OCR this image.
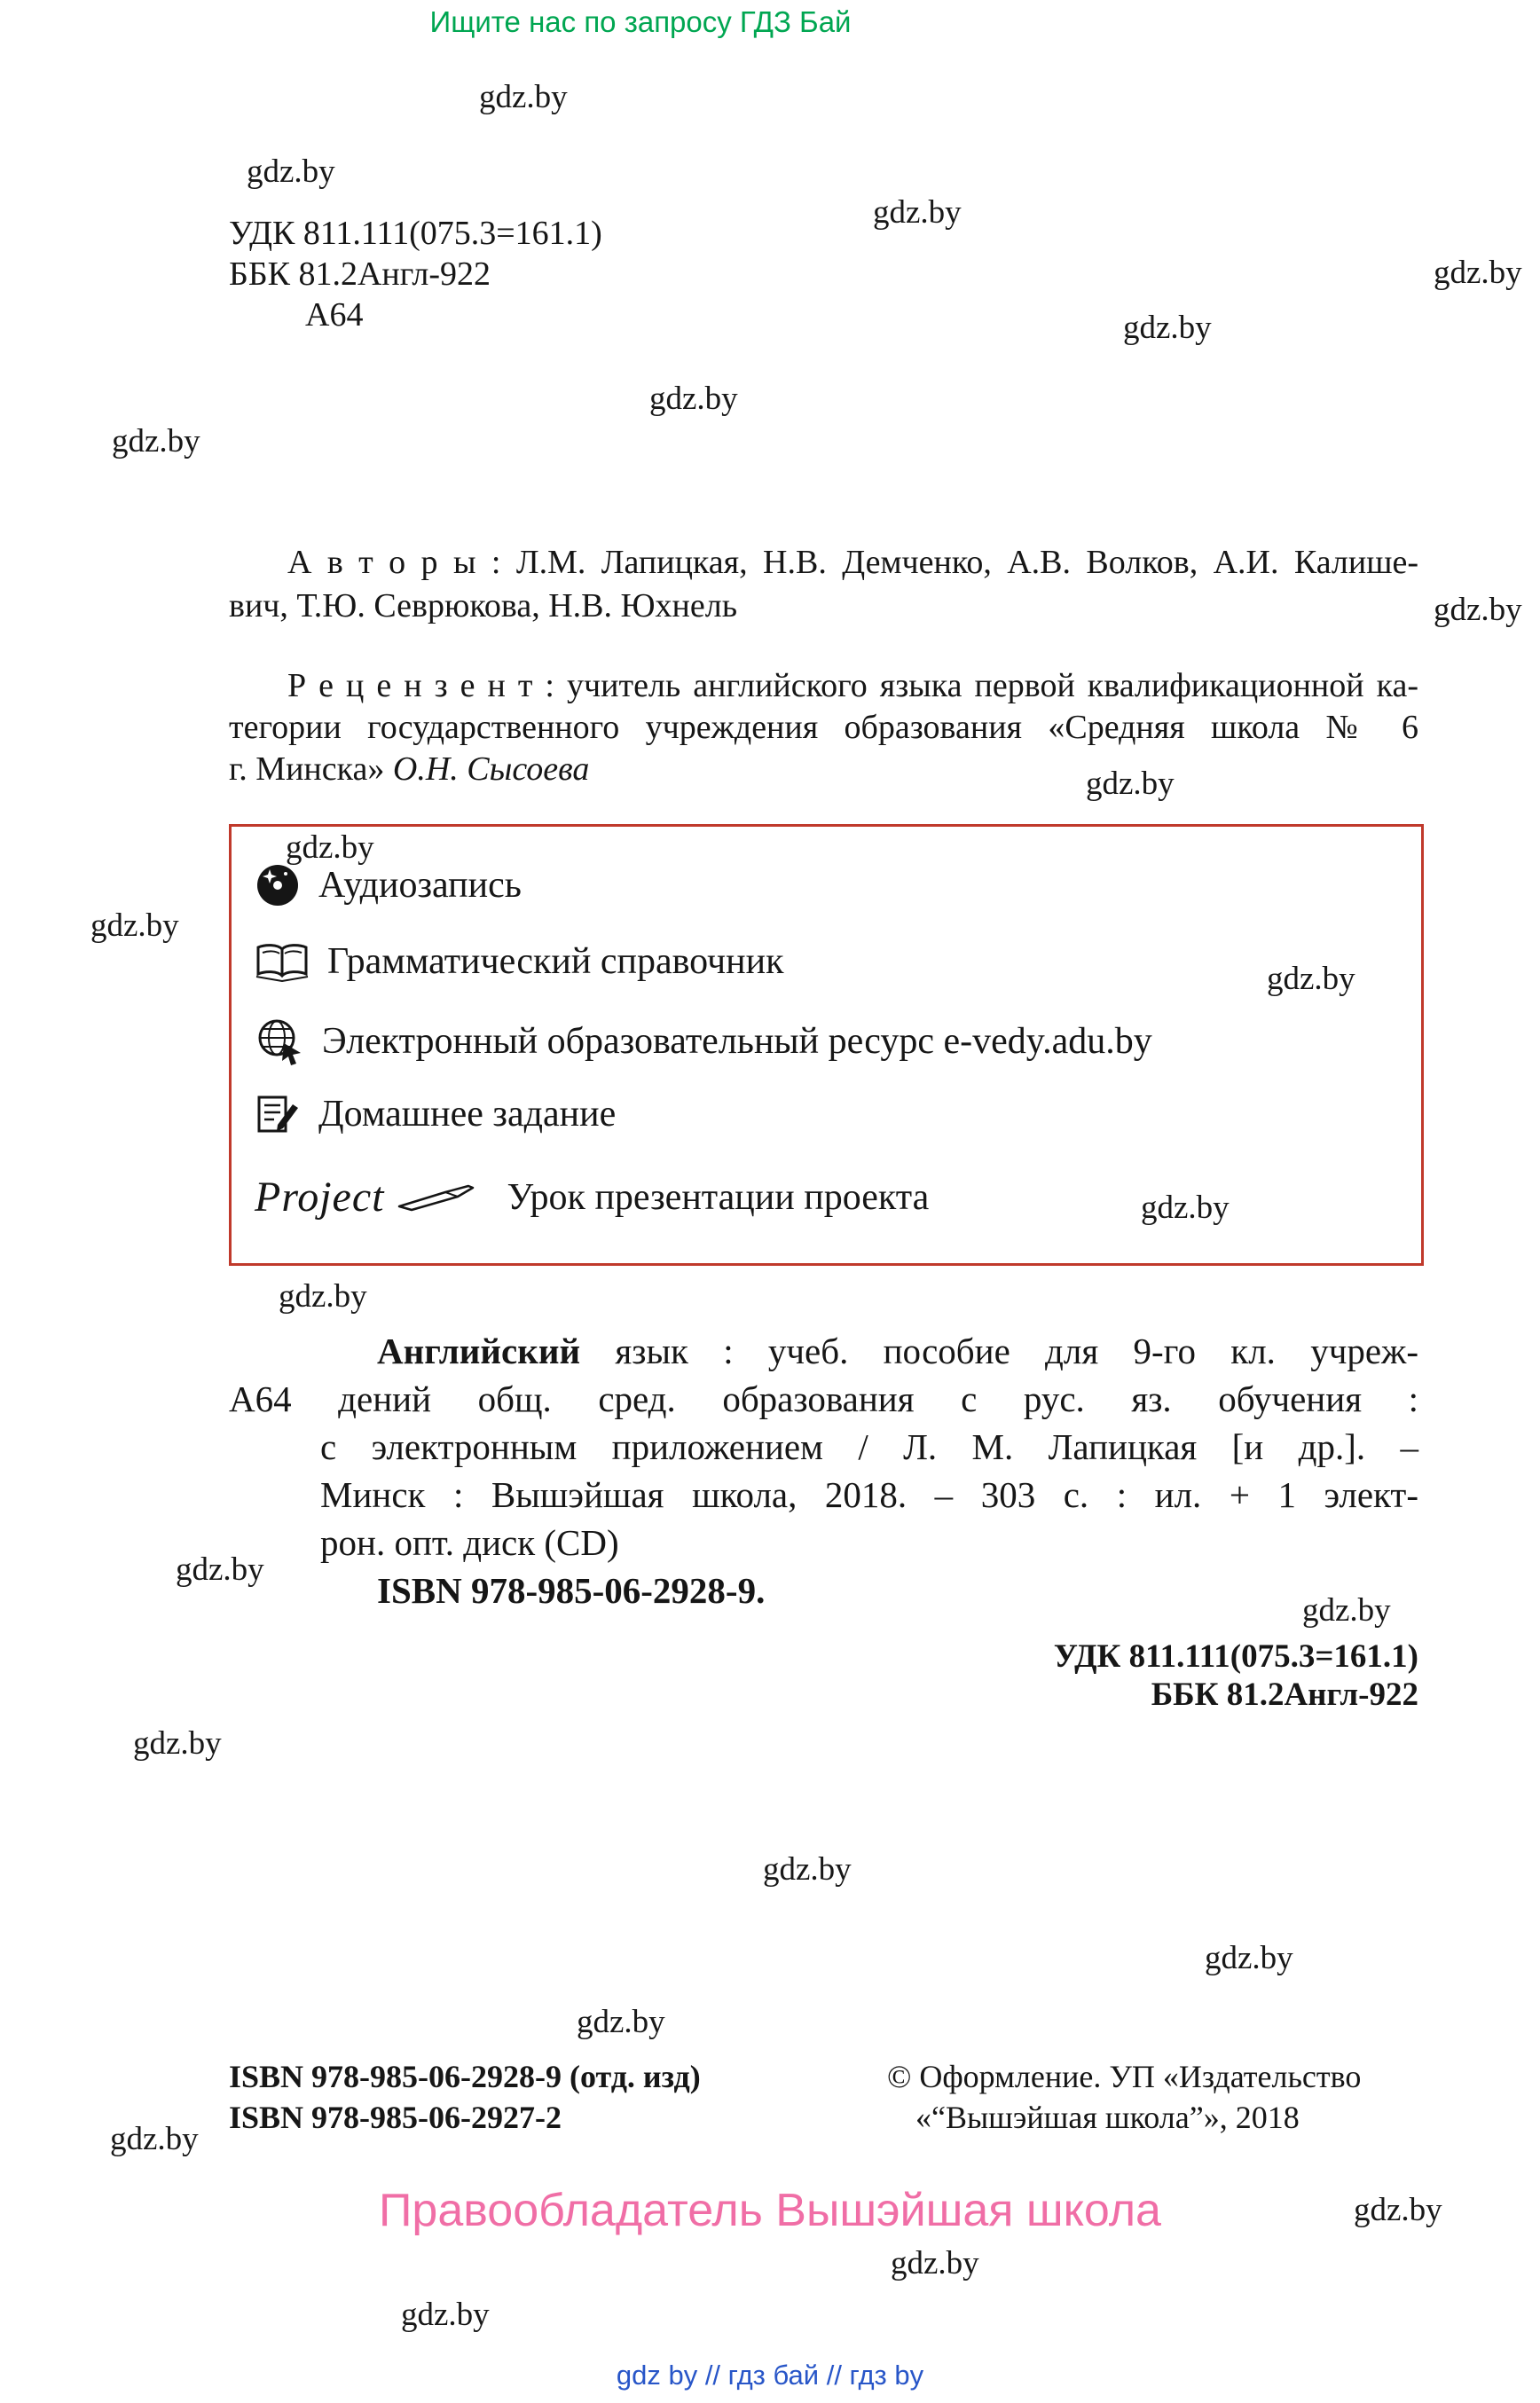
Ищите нас по запросу ГДЗ Бай
gdz.by
gdz.by
gdz.by
gdz.by
gdz.by
gdz.by
gdz.by
gdz.by
gdz.by
gdz.by
gdz.by
gdz.by
gdz.by
gdz.by
gdz.by
gdz.by
gdz.by
gdz.by
gdz.by
gdz.by
gdz.by
gdz.by
gdz.by
gdz.by
УДК 811.111(075.3=161.1)
ББК 81.2Англ-922
А64
А в т о р ы : Л.М. Лапицкая, Н.В. Демченко, А.В. Волков, А.И. Калише-
вич, Т.Ю. Севрюкова, Н.В. Юхнель
Р е ц е н з е н т : учитель английского языка первой квалификационной ка-
тегории государственного учреждения образования «Средняя школа № 6
г. Минска» О.Н. Сысоева
Аудиозапись
Грамматический справочник
Электронный образовательный ресурс e-vedy.adu.by
Домашнее задание
Project	Урок презентации проекта
Английский язык : учеб. пособие для 9-го кл. учреж-
А64 дений общ. сред. образования с рус. яз. обучения :
с электронным приложением / Л. М. Лапицкая [и др.]. –
Минск : Вышэйшая школа, 2018. – 303 с. : ил. + 1 элект-
рон. опт. диск (CD)
ISBN 978-985-06-2928-9.
УДК 811.111(075.3=161.1)
ББК 81.2Англ-922
ISBN 978-985-06-2928-9 (отд. изд)
ISBN 978-985-06-2927-2
© Оформление. УП «Издательство
«“Вышэйшая школа”», 2018
Правообладатель Вышэйшая школа
gdz by // гдз бай // гдз by
